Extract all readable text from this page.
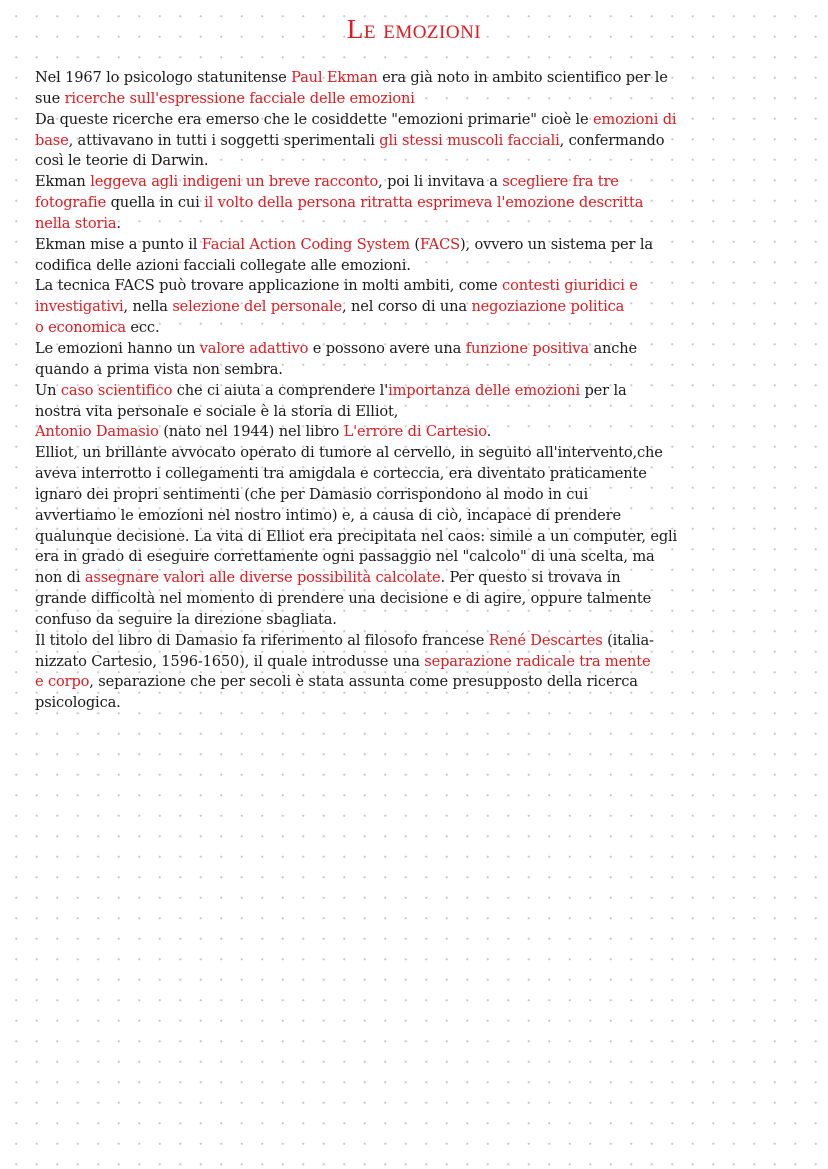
Le emozioni
Nel 1967 lo psicologo statunitense Paul Ekman era già noto in ambito scientifico per le
sue ricerche sull'espressione facciale delle emozioni
Da queste ricerche era emerso che le cosiddette "emozioni primarie" cioè le emozioni di
base, attivavano in tutti i soggetti sperimentali gli stessi muscoli facciali, confermando
così le teorie di Darwin.
Ekman leggeva agli indigeni un breve racconto, poi li invitava a scegliere fra tre
fotografie quella in cui il volto della persona ritratta esprimeva l'emozione descritta
nella storia.
Ekman mise a punto il Facial Action Coding System (FACS), ovvero un sistema per la
codifica delle azioni facciali collegate alle emozioni.
La tecnica FACS può trovare applicazione in molti ambiti, come contesti giuridici e
investigativi, nella selezione del personale, nel corso di una negoziazione politica
o economica ecc.
Le emozioni hanno un valore adattivo e possono avere una funzione positiva anche
quando a prima vista non sembra.
Un caso scientifico che ci aiuta a comprendere l'importanza delle emozioni per la
nostra vita personale e sociale è la storia di Elliot,
Antonio Damasio (nato nel 1944) nel libro L'errore di Cartesio.
Elliot, un brillante avvocato operato di tumore al cervello, in seguito all'intervento,che
aveva interrotto i collegamenti tra amigdala e corteccia, era diventato praticamente
ignaro dei propri sentimenti (che per Damasio corrispondono al modo in cui
avvertiamo le emozioni nel nostro intimo) e, a causa di ciò, incapace di prendere
qualunque decisione. La vita di Elliot era precipitata nel caos: simile a un computer, egli
era in grado di eseguire correttamente ogni passaggio nel "calcolo" di una scelta, ma
non di assegnare valori alle diverse possibilità calcolate. Per questo si trovava in
grande difficoltà nel momento di prendere una decisione e di agire, oppure talmente
confuso da seguire la direzione sbagliata.
Il titolo del libro di Damasio fa riferimento al filosofo francese René Descartes (italia-
nizzato Cartesio, 1596-1650), il quale introdusse una separazione radicale tra mente
e corpo, separazione che per secoli è stata assunta come presupposto della ricerca
psicologica.
